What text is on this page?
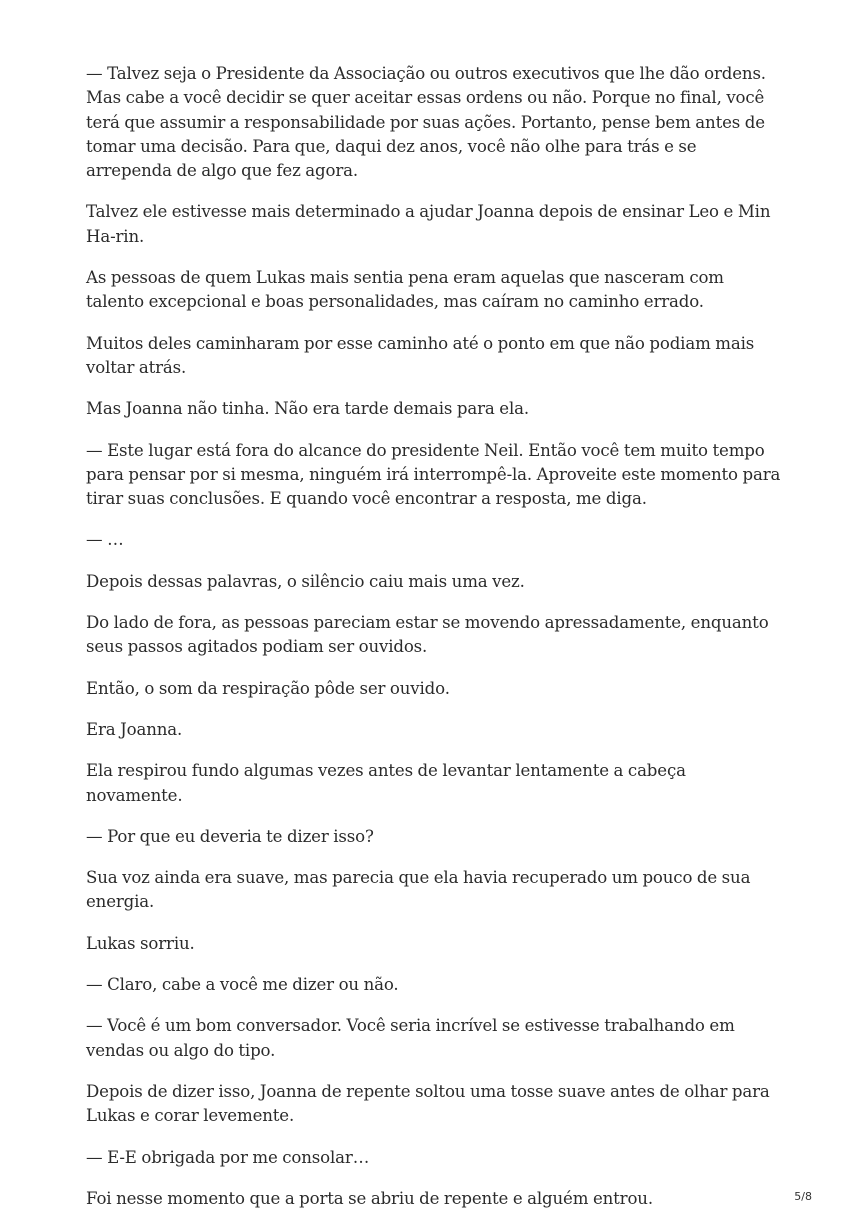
— Talvez seja o Presidente da Associação ou outros executivos que lhe dão ordens. Mas cabe a você decidir se quer aceitar essas ordens ou não. Porque no final, você terá que assumir a responsabilidade por suas ações. Portanto, pense bem antes de tomar uma decisão. Para que, daqui dez anos, você não olhe para trás e se arrependa de algo que fez agora.

Talvez ele estivesse mais determinado a ajudar Joanna depois de ensinar Leo e Min Ha-rin.

As pessoas de quem Lukas mais sentia pena eram aquelas que nasceram com talento excepcional e boas personalidades, mas caíram no caminho errado.

Muitos deles caminharam por esse caminho até o ponto em que não podiam mais voltar atrás.

Mas Joanna não tinha. Não era tarde demais para ela.

— Este lugar está fora do alcance do presidente Neil. Então você tem muito tempo para pensar por si mesma, ninguém irá interrompê-la. Aproveite este momento para tirar suas conclusões. E quando você encontrar a resposta, me diga.

— …

Depois dessas palavras, o silêncio caiu mais uma vez.

Do lado de fora, as pessoas pareciam estar se movendo apressadamente, enquanto seus passos agitados podiam ser ouvidos.

Então, o som da respiração pôde ser ouvido.

Era Joanna.

Ela respirou fundo algumas vezes antes de levantar lentamente a cabeça novamente.

— Por que eu deveria te dizer isso?

Sua voz ainda era suave, mas parecia que ela havia recuperado um pouco de sua energia.

Lukas sorriu.

— Claro, cabe a você me dizer ou não.

— Você é um bom conversador. Você seria incrível se estivesse trabalhando em vendas ou algo do tipo.

Depois de dizer isso, Joanna de repente soltou uma tosse suave antes de olhar para Lukas e corar levemente.

— E-E obrigada por me consolar…

Foi nesse momento que a porta se abriu de repente e alguém entrou.	5/8
